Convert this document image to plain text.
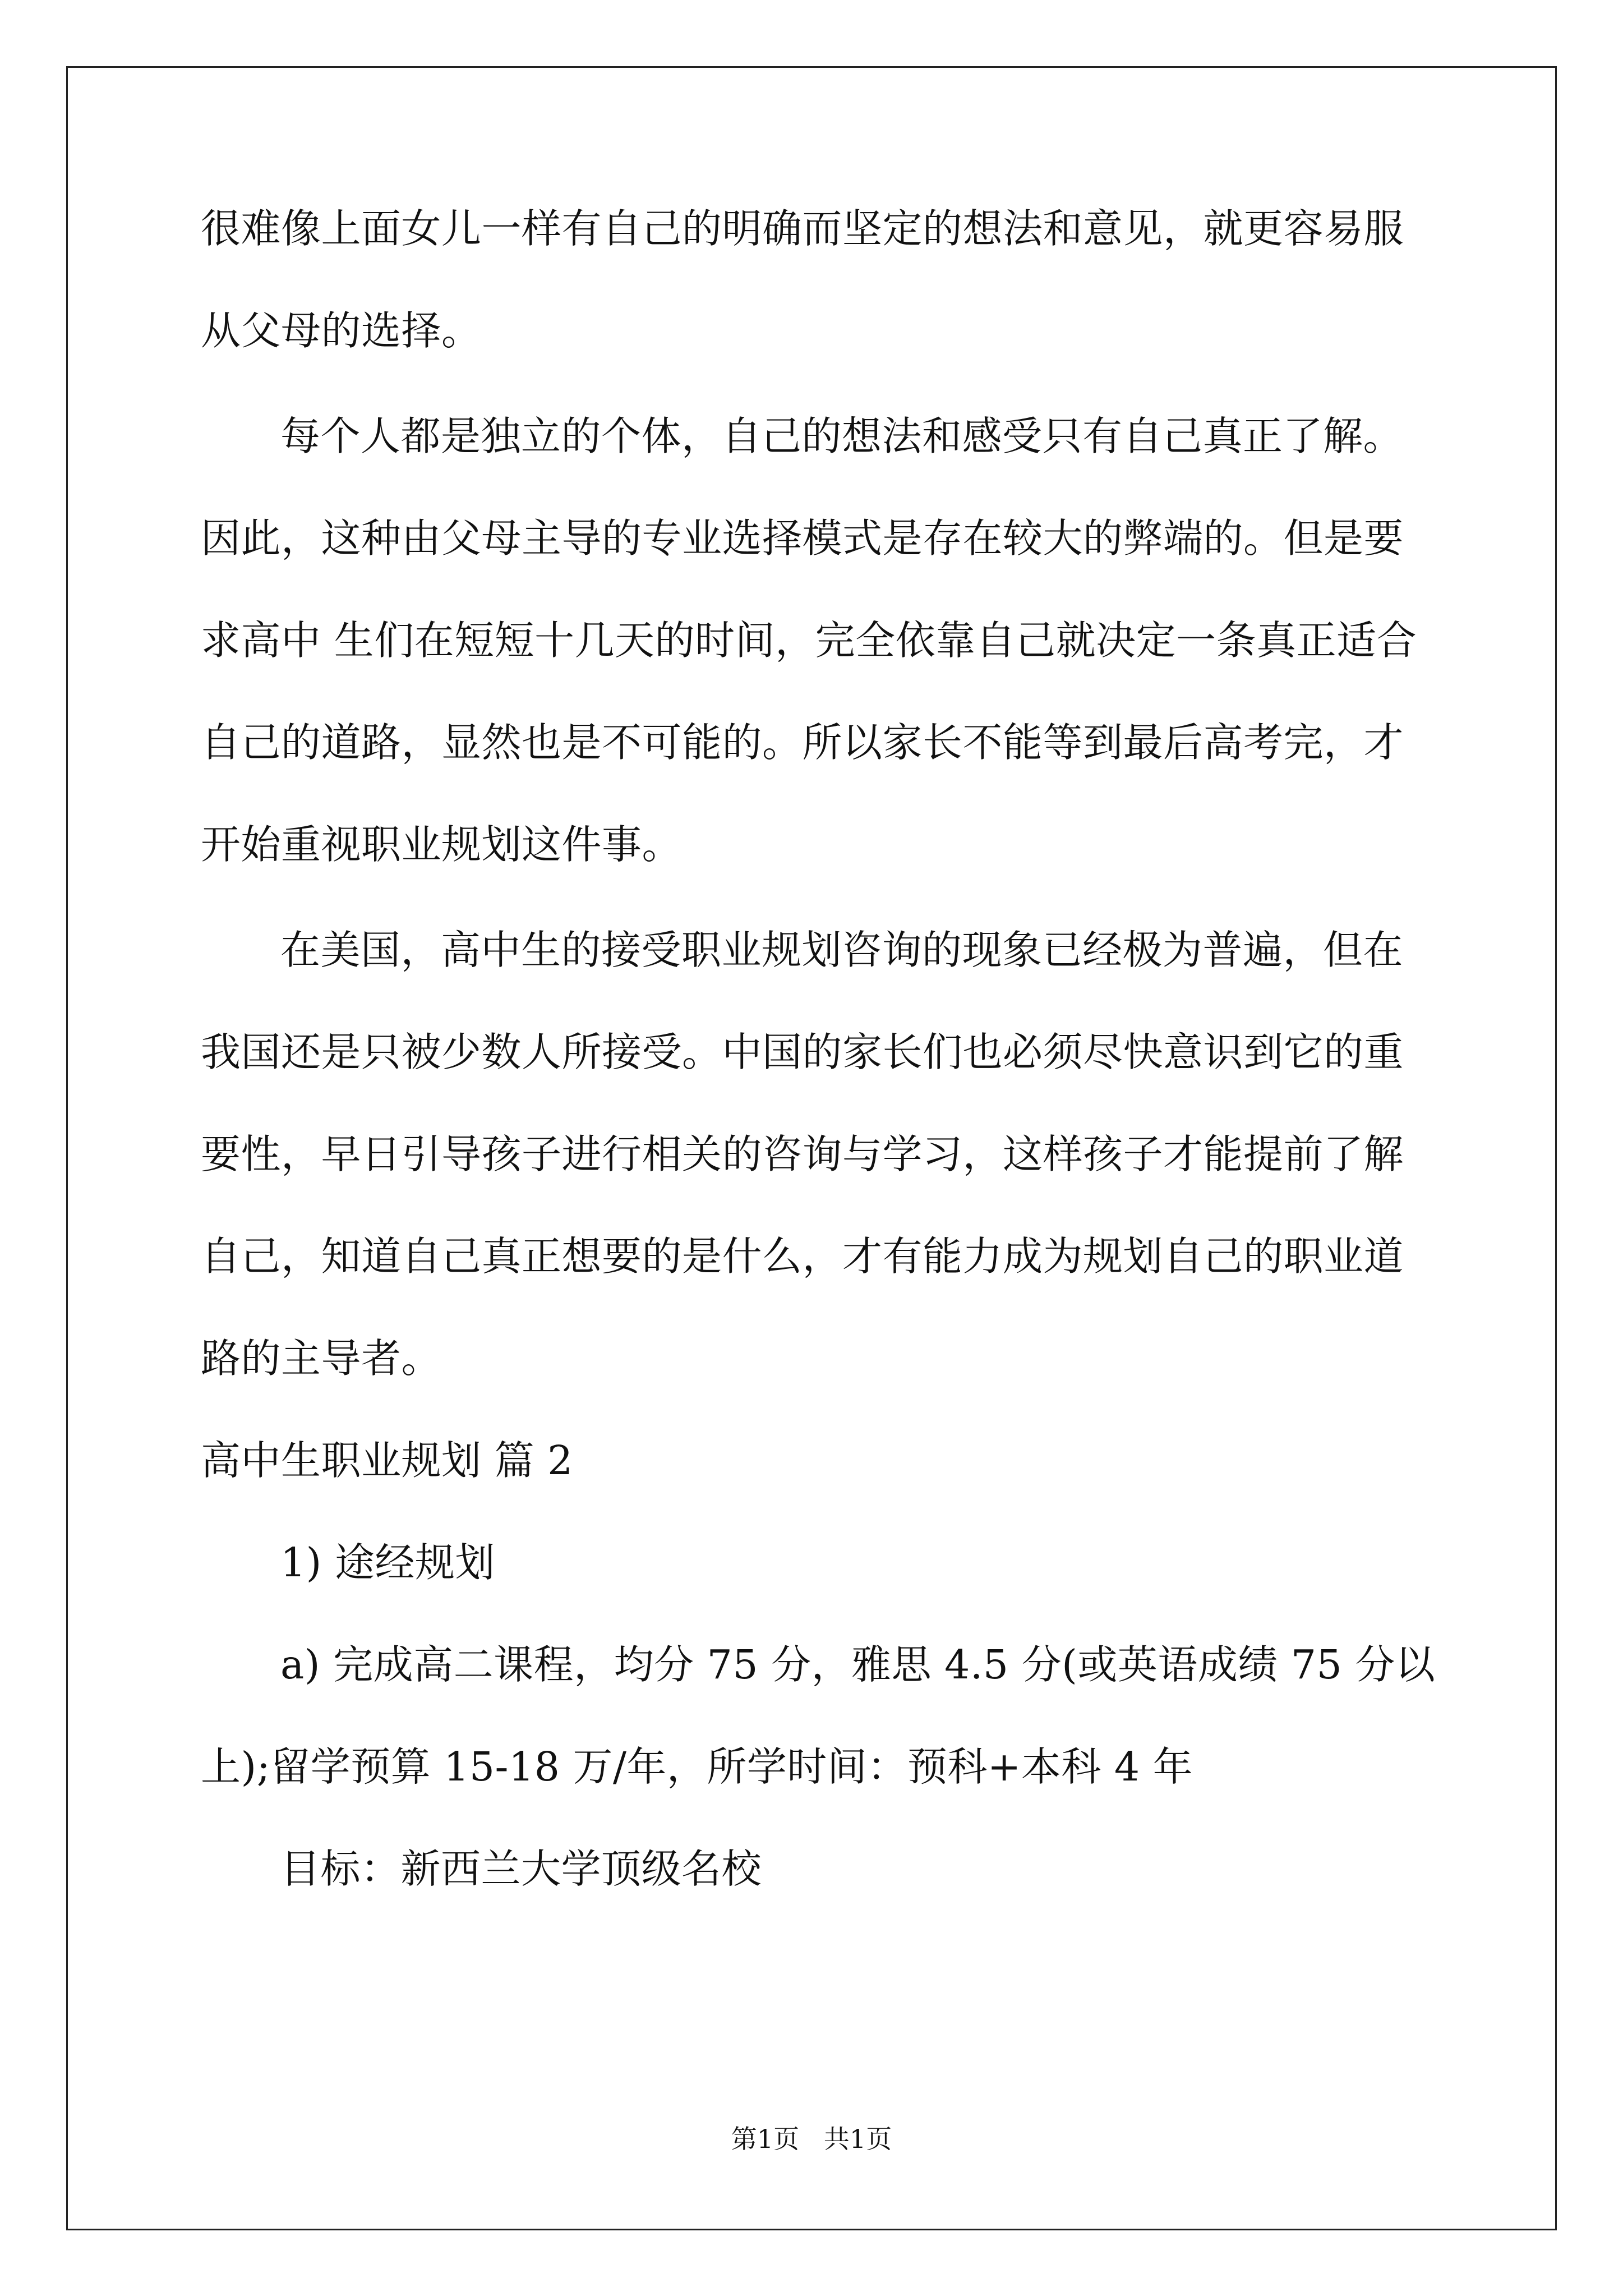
很难像上面女儿一样有自己的明确而坚定的想法和意见，就更容易服
从父母的选择。
每个人都是独立的个体，自己的想法和感受只有自己真正了解。
因此，这种由父母主导的专业选择模式是存在较大的弊端的。但是要
求高中 生们在短短十几天的时间，完全依靠自己就决定一条真正适合
自己的道路，显然也是不可能的。所以家长不能等到最后高考完，才
开始重视职业规划这件事。
在美国，高中生的接受职业规划咨询的现象已经极为普遍，但在
我国还是只被少数人所接受。中国的家长们也必须尽快意识到它的重
要性，早日引导孩子进行相关的咨询与学习，这样孩子才能提前了解
自己，知道自己真正想要的是什么，才有能力成为规划自己的职业道
路的主导者。
高中生职业规划 篇 2
1) 途经规划
a) 完成高二课程，均分 75 分，雅思 4.5 分(或英语成绩 75 分以
上);留学预算 15-18 万/年，所学时间：预科+本科 4 年
目标：新西兰大学顶级名校
第1页   共1页
